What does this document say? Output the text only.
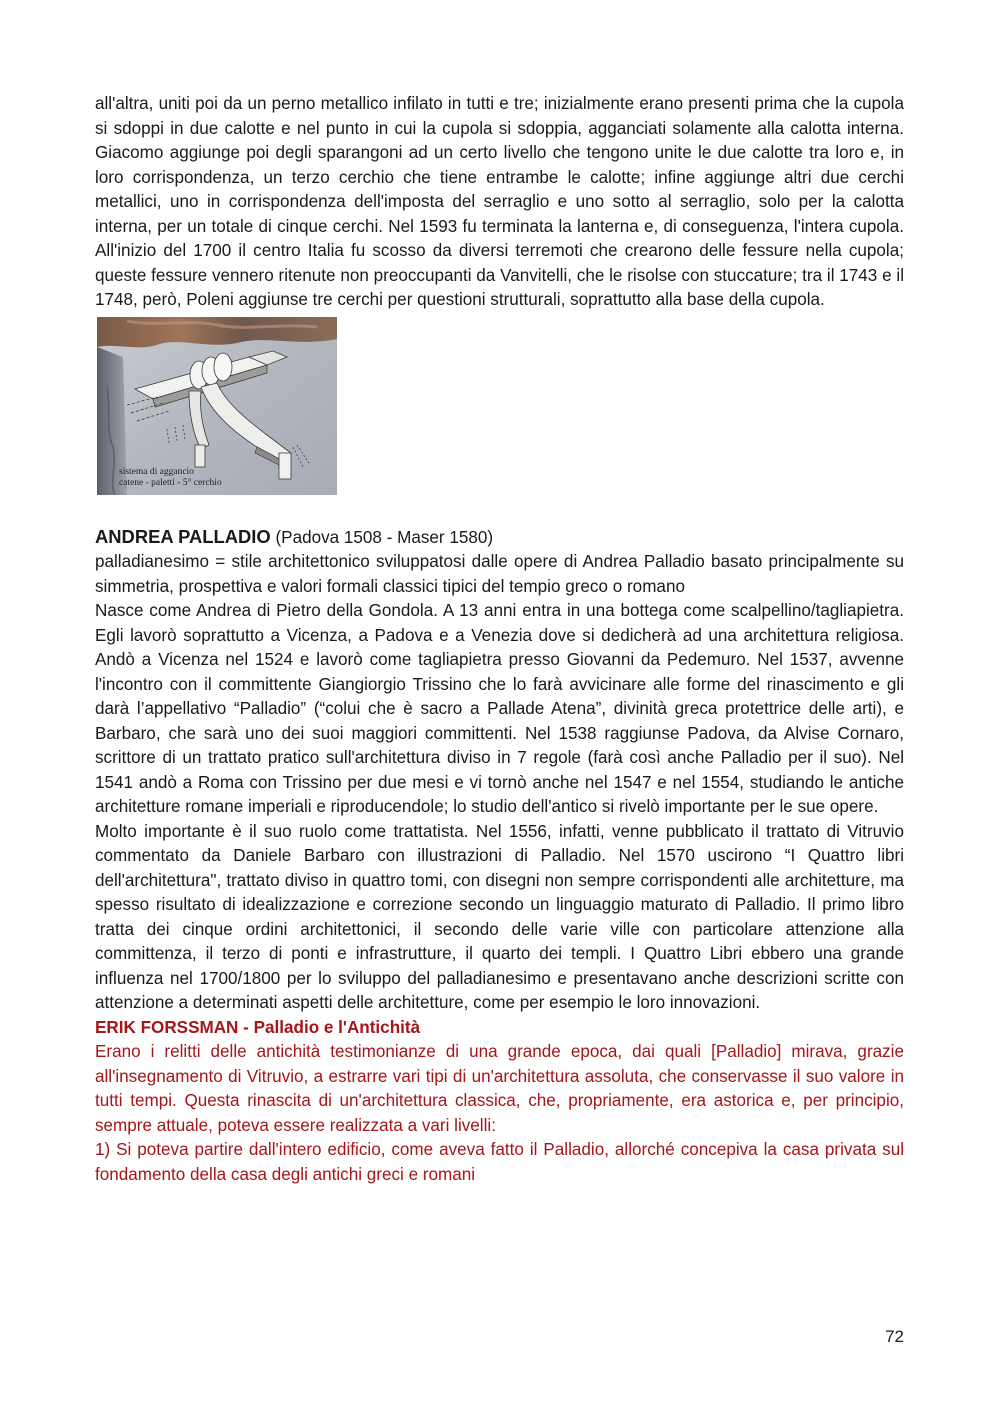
all'altra, uniti poi da un perno metallico infilato in tutti e tre; inizialmente erano presenti prima che la cupola si sdoppi in due calotte e nel punto in cui la cupola si sdoppia, agganciati solamente alla calotta interna. Giacomo aggiunge poi degli sparangoni ad un certo livello che tengono unite le due calotte tra loro e, in loro corrispondenza, un terzo cerchio che tiene entrambe le calotte; infine aggiunge altri due cerchi metallici, uno in corrispondenza dell'imposta del serraglio e uno sotto al serraglio, solo per la calotta interna, per un totale di cinque cerchi. Nel 1593 fu terminata la lanterna e, di conseguenza, l'intera cupola. All'inizio del 1700 il centro Italia fu scosso da diversi terremoti che crearono delle fessure nella cupola; queste fessure vennero ritenute non preoccupanti da Vanvitelli, che le risolse con stuccature; tra il 1743 e il 1748, però, Poleni aggiunse tre cerchi per questioni strutturali, soprattutto alla base della cupola.

sistema di aggancio
catene - paletti - 5° cerchio

ANDREA PALLADIO (Padova 1508 - Maser 1580)

palladianesimo = stile architettonico sviluppatosi dalle opere di Andrea Palladio basato principalmente su simmetria, prospettiva e valori formali classici tipici del tempio greco o romano

Nasce come Andrea di Pietro della Gondola. A 13 anni entra in una bottega come scalpellino/tagliapietra. Egli lavorò soprattutto a Vicenza, a Padova e a Venezia dove si dedicherà ad una architettura religiosa. Andò a Vicenza nel 1524 e lavorò come tagliapietra presso Giovanni da Pedemuro. Nel 1537, avvenne l'incontro con il committente Giangiorgio Trissino che lo farà avvicinare alle forme del rinascimento e gli darà l’appellativo “Palladio” (“colui che è sacro a Pallade Atena”, divinità greca protettrice delle arti), e Barbaro, che sarà uno dei suoi maggiori committenti. Nel 1538 raggiunse Padova, da Alvise Cornaro, scrittore di un trattato pratico sull'architettura diviso in 7 regole (farà così anche Palladio per il suo). Nel 1541 andò a Roma con Trissino per due mesi e vi tornò anche nel 1547 e nel 1554, studiando le antiche architetture romane imperiali e riproducendole; lo studio dell'antico si rivelò importante per le sue opere.

Molto importante è il suo ruolo come trattatista. Nel 1556, infatti, venne pubblicato il trattato di Vitruvio commentato da Daniele Barbaro con illustrazioni di Palladio. Nel 1570 uscirono “I Quattro libri dell'architettura", trattato diviso in quattro tomi, con disegni non sempre corrispondenti alle architetture, ma spesso risultato di idealizzazione e correzione secondo un linguaggio maturato di Palladio. Il primo libro tratta dei cinque ordini architettonici, il secondo delle varie ville con particolare attenzione alla committenza, il terzo di ponti e infrastrutture, il quarto dei templi. I Quattro Libri ebbero una grande influenza nel 1700/1800 per lo sviluppo del palladianesimo e presentavano anche descrizioni scritte con attenzione a determinati aspetti delle architetture, come per esempio le loro innovazioni.

ERIK FORSSMAN - Palladio e l'Antichità

Erano i relitti delle antichità testimonianze di una grande epoca, dai quali [Palladio] mirava, grazie all'insegnamento di Vitruvio, a estrarre vari tipi di un'architettura assoluta, che conservasse il suo valore in tutti tempi. Questa rinascita di un'architettura classica, che, propriamente, era astorica e, per principio, sempre attuale, poteva essere realizzata a vari livelli:

1) Si poteva partire dall'intero edificio, come aveva fatto il Palladio, allorché concepiva la casa privata sul fondamento della casa degli antichi greci e romani

72
